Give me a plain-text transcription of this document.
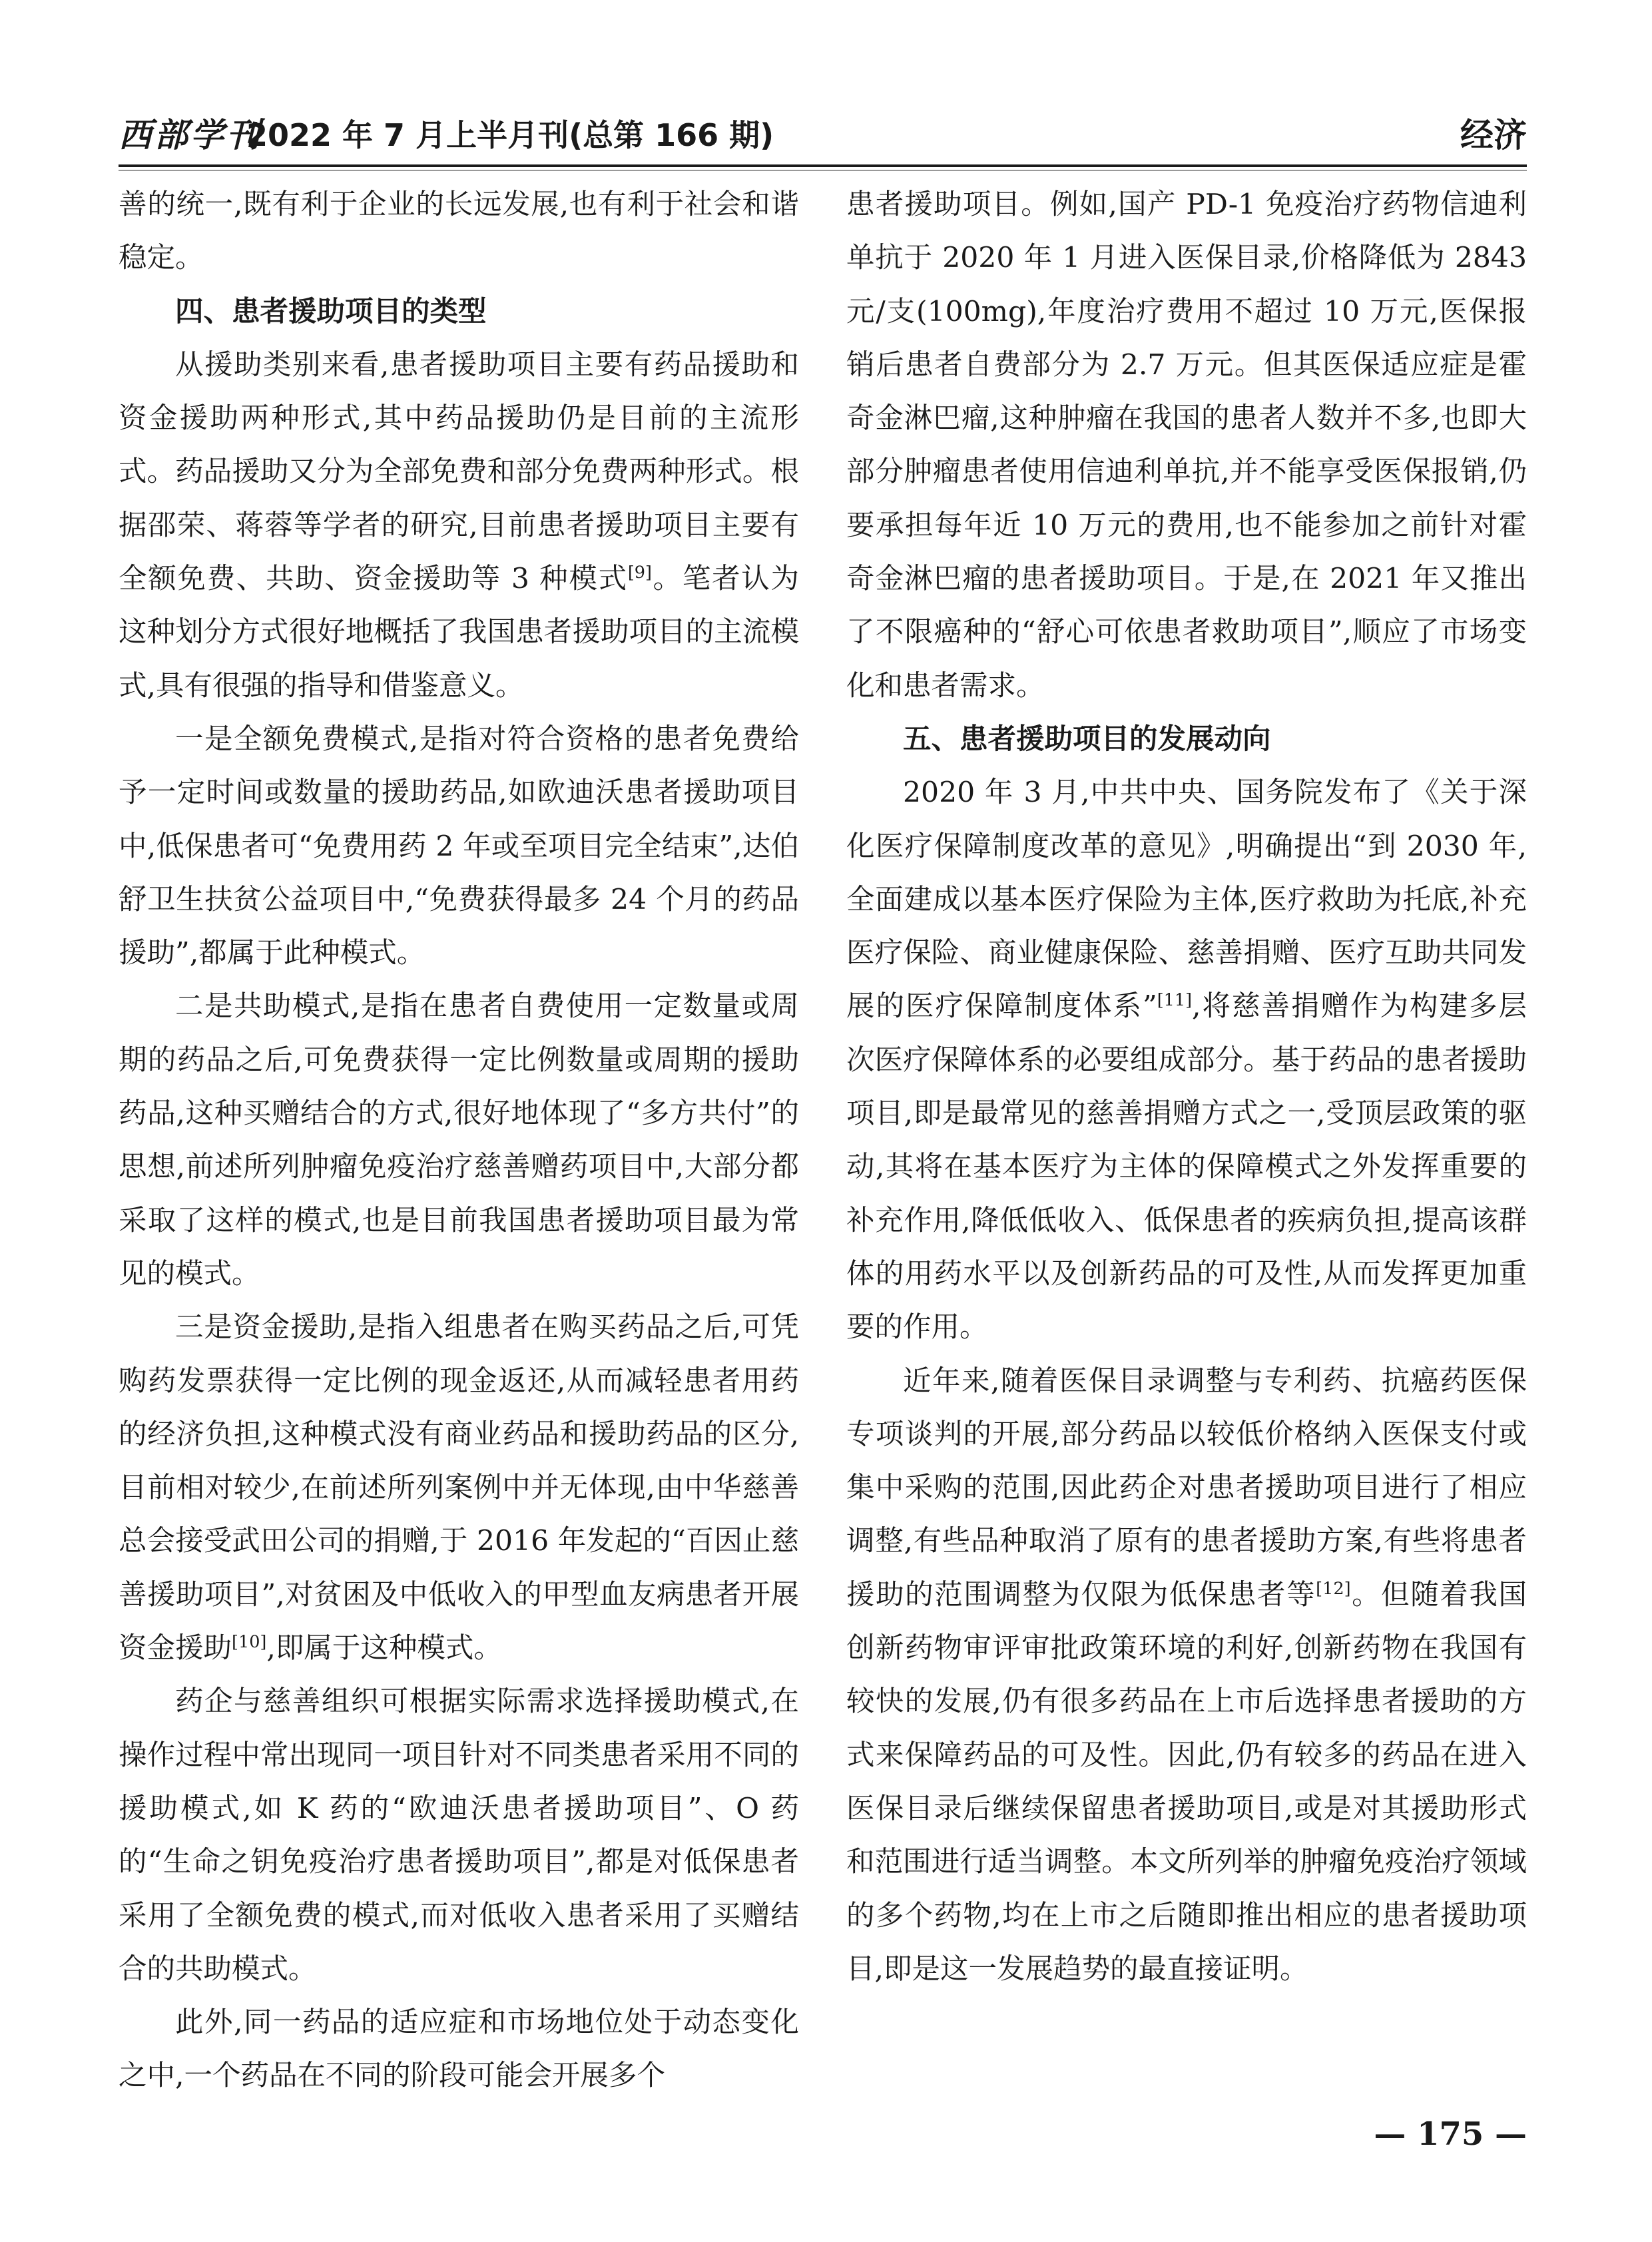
西部学刊
2022 年 7 月上半月刊(总第 166 期)	经济

善的统一,既有利于企业的长远发展,也有利于社会和谐稳定。

四、患者援助项目的类型

从援助类别来看,患者援助项目主要有药品援助和资金援助两种形式,其中药品援助仍是目前的主流形式。药品援助又分为全部免费和部分免费两种形式。根据邵荣、蒋蓉等学者的研究,目前患者援助项目主要有全额免费、共助、资金援助等 3 种模式[9]。笔者认为这种划分方式很好地概括了我国患者援助项目的主流模式,具有很强的指导和借鉴意义。

一是全额免费模式,是指对符合资格的患者免费给予一定时间或数量的援助药品,如欧迪沃患者援助项目中,低保患者可“免费用药 2 年或至项目完全结束”,达伯舒卫生扶贫公益项目中,“免费获得最多 24 个月的药品援助”,都属于此种模式。

二是共助模式,是指在患者自费使用一定数量或周期的药品之后,可免费获得一定比例数量或周期的援助药品,这种买赠结合的方式,很好地体现了“多方共付”的思想,前述所列肿瘤免疫治疗慈善赠药项目中,大部分都采取了这样的模式,也是目前我国患者援助项目最为常见的模式。

三是资金援助,是指入组患者在购买药品之后,可凭购药发票获得一定比例的现金返还,从而减轻患者用药的经济负担,这种模式没有商业药品和援助药品的区分,目前相对较少,在前述所列案例中并无体现,由中华慈善总会接受武田公司的捐赠,于 2016 年发起的“百因止慈善援助项目”,对贫困及中低收入的甲型血友病患者开展资金援助[10],即属于这种模式。

药企与慈善组织可根据实际需求选择援助模式,在操作过程中常出现同一项目针对不同类患者采用不同的援助模式,如 K 药的“欧迪沃患者援助项目”、O 药的“生命之钥免疫治疗患者援助项目”,都是对低保患者采用了全额免费的模式,而对低收入患者采用了买赠结合的共助模式。

此外,同一药品的适应症和市场地位处于动态变化之中,一个药品在不同的阶段可能会开展多个

患者援助项目。例如,国产 PD-1 免疫治疗药物信迪利单抗于 2020 年 1 月进入医保目录,价格降低为 2843 元/支(100mg),年度治疗费用不超过 10 万元,医保报销后患者自费部分为 2.7 万元。但其医保适应症是霍奇金淋巴瘤,这种肿瘤在我国的患者人数并不多,也即大部分肿瘤患者使用信迪利单抗,并不能享受医保报销,仍要承担每年近 10 万元的费用,也不能参加之前针对霍奇金淋巴瘤的患者援助项目。于是,在 2021 年又推出了不限癌种的“舒心可依患者救助项目”,顺应了市场变化和患者需求。

五、患者援助项目的发展动向

2020 年 3 月,中共中央、国务院发布了《关于深化医疗保障制度改革的意见》,明确提出“到 2030 年,全面建成以基本医疗保险为主体,医疗救助为托底,补充医疗保险、商业健康保险、慈善捐赠、医疗互助共同发展的医疗保障制度体系”[11],将慈善捐赠作为构建多层次医疗保障体系的必要组成部分。基于药品的患者援助项目,即是最常见的慈善捐赠方式之一,受顶层政策的驱动,其将在基本医疗为主体的保障模式之外发挥重要的补充作用,降低低收入、低保患者的疾病负担,提高该群体的用药水平以及创新药品的可及性,从而发挥更加重要的作用。

近年来,随着医保目录调整与专利药、抗癌药医保专项谈判的开展,部分药品以较低价格纳入医保支付或集中采购的范围,因此药企对患者援助项目进行了相应调整,有些品种取消了原有的患者援助方案,有些将患者援助的范围调整为仅限为低保患者等[12]。但随着我国创新药物审评审批政策环境的利好,创新药物在我国有较快的发展,仍有很多药品在上市后选择患者援助的方式来保障药品的可及性。因此,仍有较多的药品在进入医保目录后继续保留患者援助项目,或是对其援助形式和范围进行适当调整。本文所列举的肿瘤免疫治疗领域的多个药物,均在上市之后随即推出相应的患者援助项目,即是这一发展趋势的最直接证明。

— 175 —
